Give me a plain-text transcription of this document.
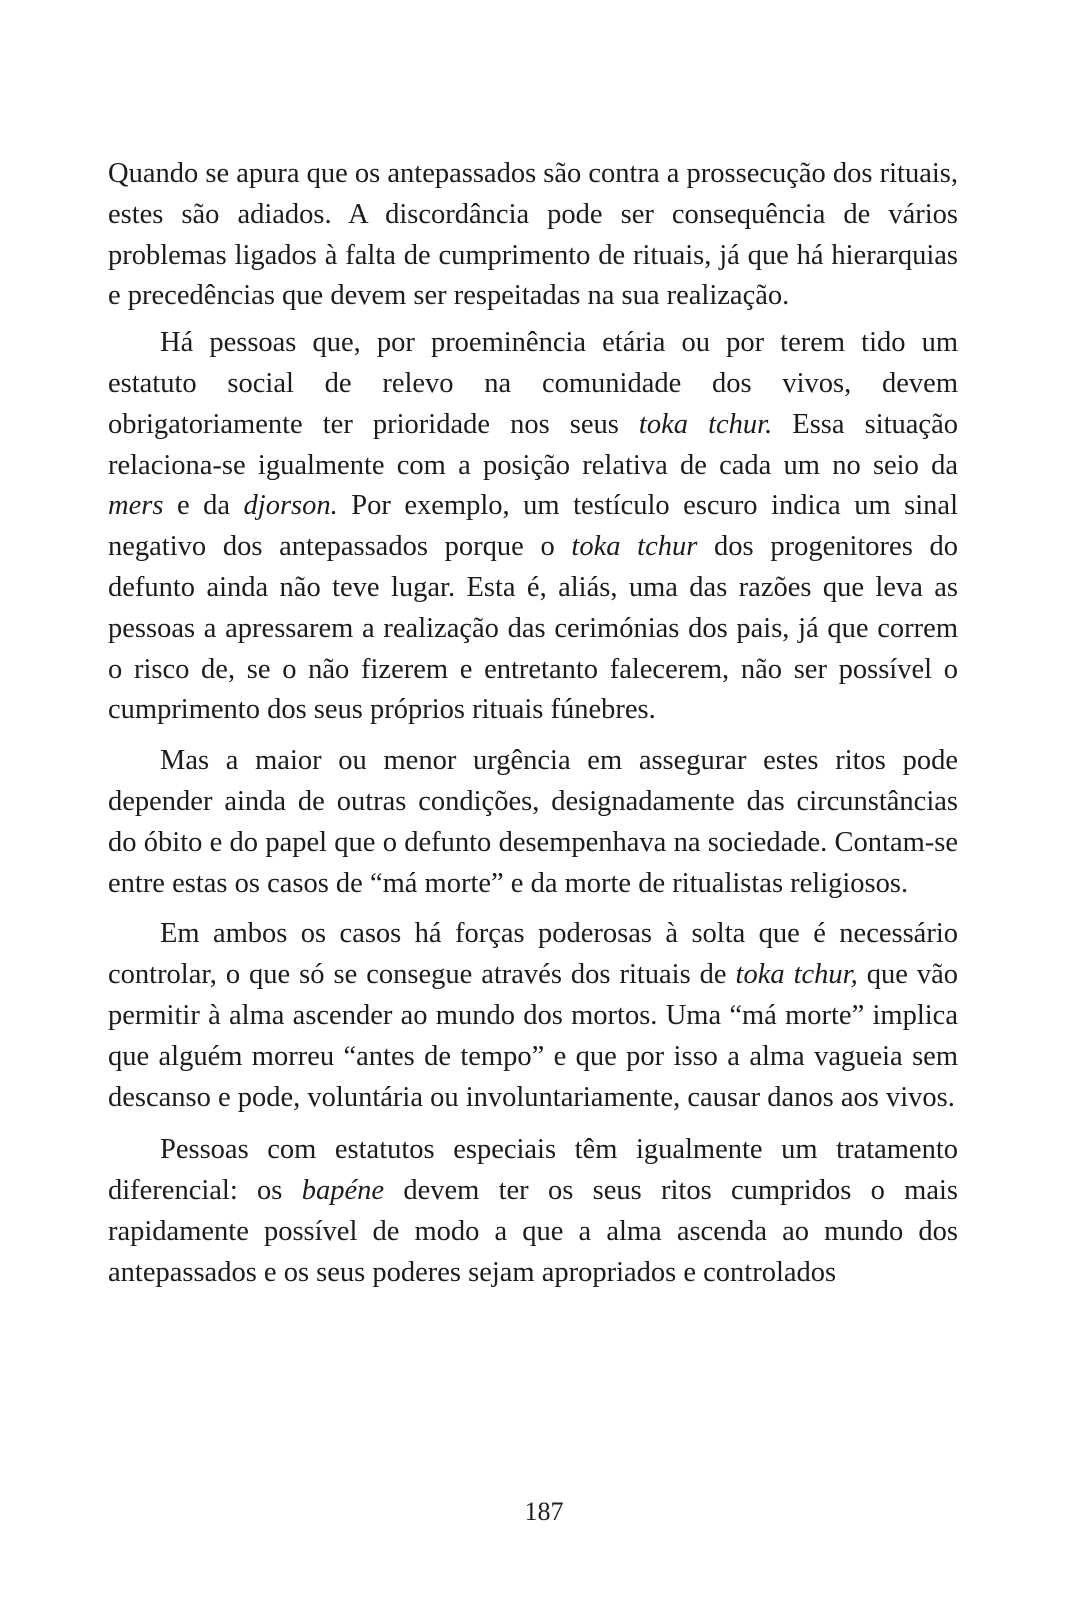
Quando se apura que os antepassados são contra a prossecução dos rituais, estes são adiados. A discordância pode ser consequência de vários problemas ligados à falta de cumprimento de rituais, já que há hierarquias e precedências que devem ser respeitadas na sua realização.

Há pessoas que, por proeminência etária ou por terem tido um estatuto social de relevo na comunidade dos vivos, devem obrigatoriamente ter prioridade nos seus toka tchur. Essa situação relaciona-se igualmente com a posição relativa de cada um no seio da mers e da djorson. Por exemplo, um testículo escuro indica um sinal negativo dos antepassados porque o toka tchur dos progenitores do defunto ainda não teve lugar. Esta é, aliás, uma das razões que leva as pessoas a apressarem a realização das cerimónias dos pais, já que correm o risco de, se o não fizerem e entretanto falecerem, não ser possível o cumprimento dos seus próprios rituais fúnebres.

Mas a maior ou menor urgência em assegurar estes ritos pode depender ainda de outras condições, designadamente das circunstâncias do óbito e do papel que o defunto desempenhava na sociedade. Contam-se entre estas os casos de “má morte” e da morte de ritualistas religiosos.

Em ambos os casos há forças poderosas à solta que é necessário controlar, o que só se consegue através dos rituais de toka tchur, que vão permitir à alma ascender ao mundo dos mortos. Uma “má morte” implica que alguém morreu “antes de tempo” e que por isso a alma vagueia sem descanso e pode, voluntária ou involuntariamente, causar danos aos vivos.

Pessoas com estatutos especiais têm igualmente um tratamento diferencial: os bapéne devem ter os seus ritos cumpridos o mais rapidamente possível de modo a que a alma ascenda ao mundo dos antepassados e os seus poderes sejam apropriados e controlados

187
